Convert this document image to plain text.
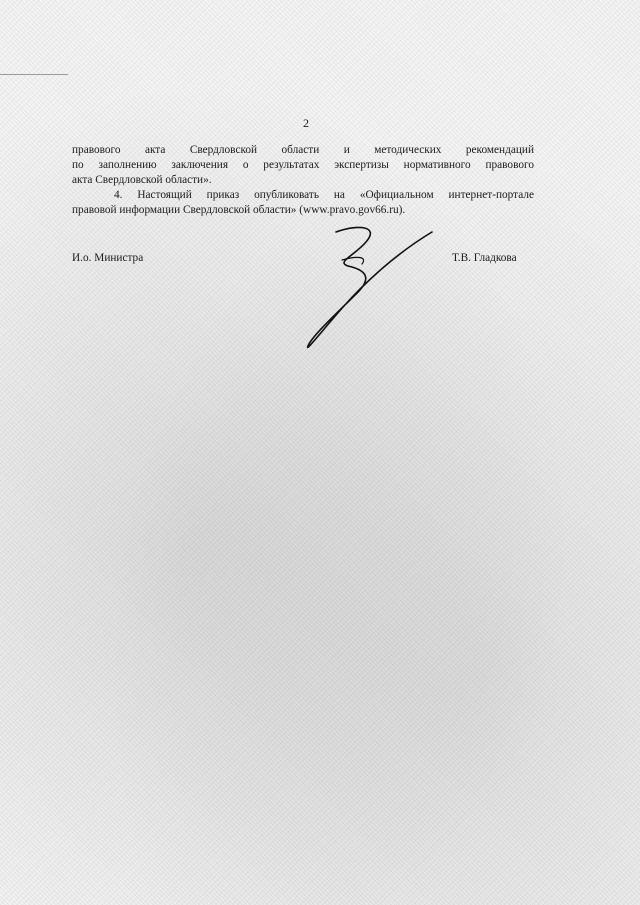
2
правового акта Свердловской области и методических рекомендаций
по заполнению заключения о результатах экспертизы нормативного правового
акта Свердловской области».
4. Настоящий приказ опубликовать на «Официальном интернет-портале
правовой информации Свердловской области» (www.pravo.gov66.ru).
И.о. Министра	Т.В. Гладкова
